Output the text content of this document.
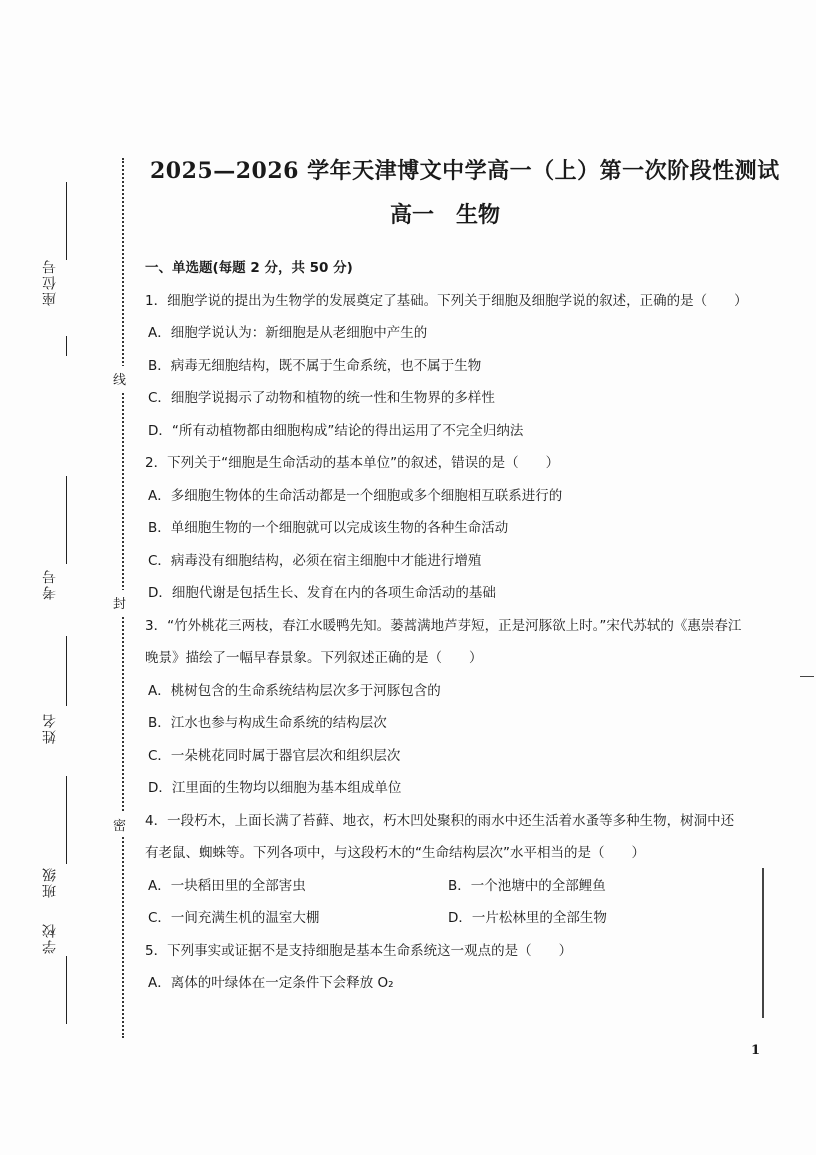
座位号
考号
姓名
班级
学校
线
封
密
2025—2026 学年天津博文中学高一（上）第一次阶段性测试
高一　生物
一、单选题(每题 2 分，共 50 分)
1．细胞学说的提出为生物学的发展奠定了基础。下列关于细胞及细胞学说的叙述，正确的是（　　）
A．细胞学说认为：新细胞是从老细胞中产生的
B．病毒无细胞结构，既不属于生命系统，也不属于生物
C．细胞学说揭示了动物和植物的统一性和生物界的多样性
D．“所有动植物都由细胞构成”结论的得出运用了不完全归纳法
2．下列关于“细胞是生命活动的基本单位”的叙述，错误的是（　　）
A．多细胞生物体的生命活动都是一个细胞或多个细胞相互联系进行的
B．单细胞生物的一个细胞就可以完成该生物的各种生命活动
C．病毒没有细胞结构，必须在宿主细胞中才能进行增殖
D．细胞代谢是包括生长、发育在内的各项生命活动的基础
3．“竹外桃花三两枝，春江水暖鸭先知。蒌蒿满地芦芽短，正是河豚欲上时。”宋代苏轼的《惠崇春江晚景》描绘了一幅早春景象。下列叙述正确的是（　　）
A．桃树包含的生命系统结构层次多于河豚包含的
B．江水也参与构成生命系统的结构层次
C．一朵桃花同时属于器官层次和组织层次
D．江里面的生物均以细胞为基本组成单位
4．一段朽木，上面长满了苔藓、地衣，朽木凹处聚积的雨水中还生活着水蚤等多种生物，树洞中还有老鼠、蜘蛛等。下列各项中，与这段朽木的“生命结构层次”水平相当的是（　　）
A．一块稻田里的全部害虫	B．一个池塘中的全部鲤鱼
C．一间充满生机的温室大棚	D．一片松林里的全部生物
5．下列事实或证据不是支持细胞是基本生命系统这一观点的是（　　）
A．离体的叶绿体在一定条件下会释放 O₂
1
